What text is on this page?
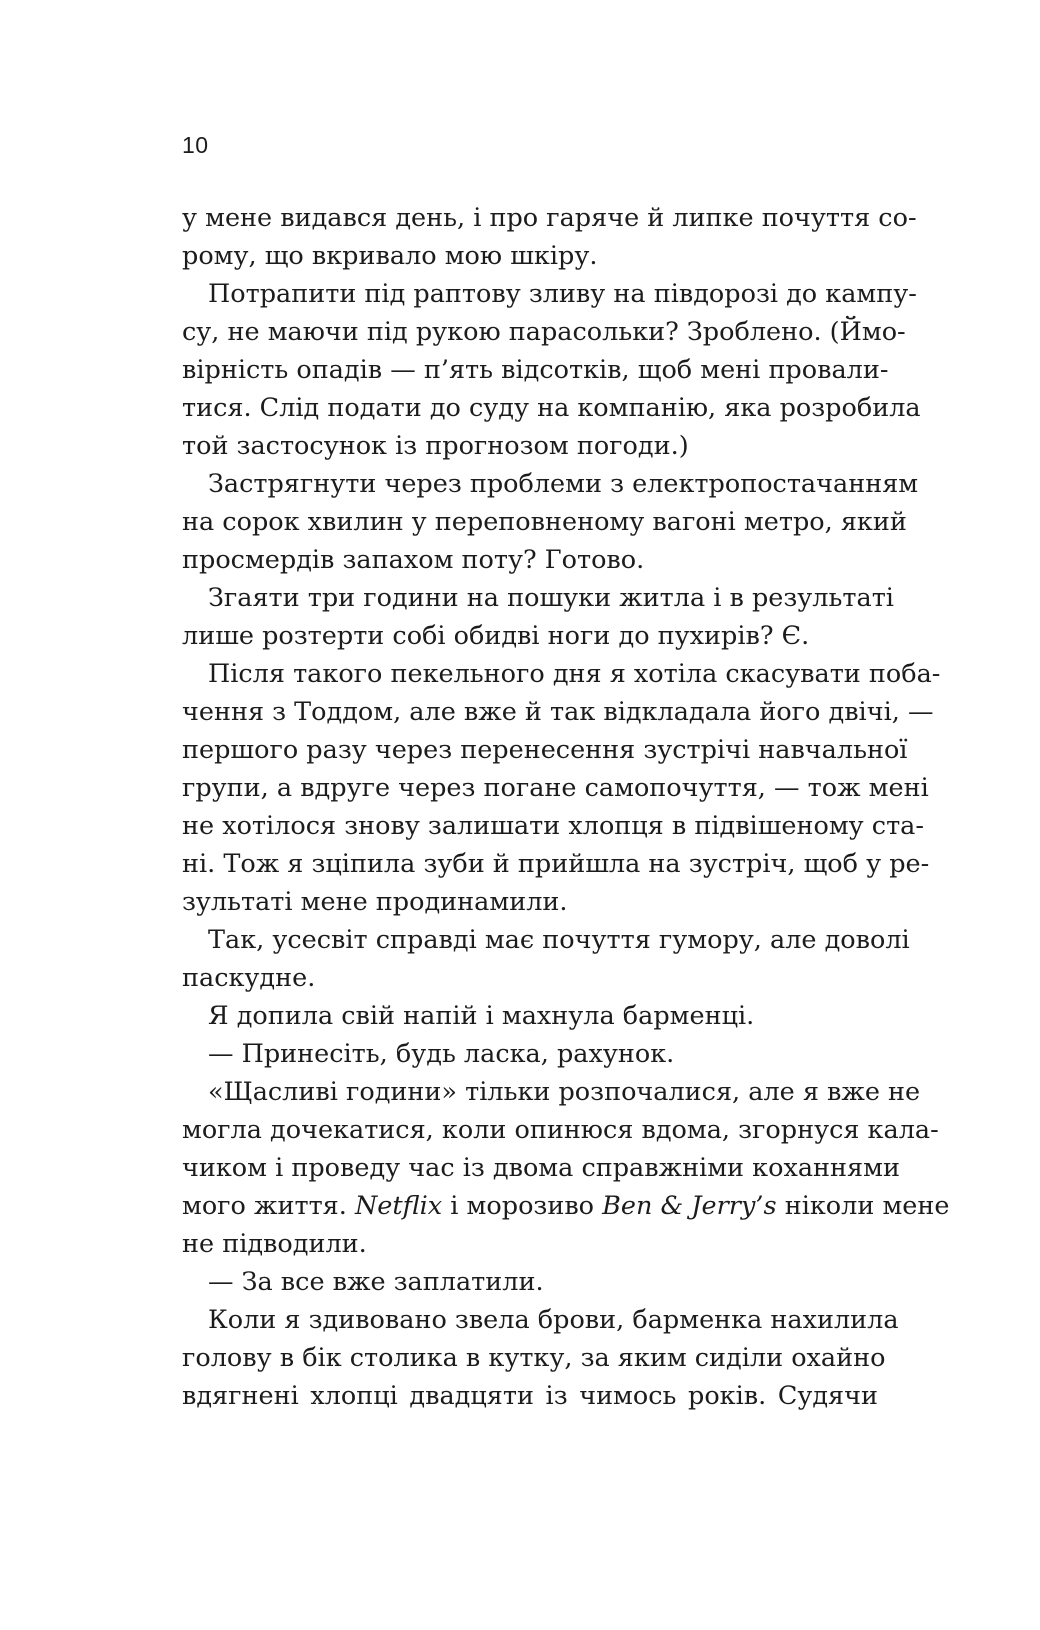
10
у мене видався день, і про гаряче й липке почуття со-
рому, що вкривало мою шкіру.
Потрапити під раптову зливу на півдорозі до кампу-
су, не маючи під рукою парасольки? Зроблено. (Ймо-
вірність опадів — п’ять відсотків, щоб мені провали-
тися. Слід подати до суду на компанію, яка розробила
той застосунок із прогнозом погоди.)
Застрягнути через проблеми з електропостачанням
на сорок хвилин у переповненому вагоні метро, який
просмердів запахом поту? Готово.
Згаяти три години на пошуки житла і в результаті
лише розтерти собі обидві ноги до пухирів? Є.
Після такого пекельного дня я хотіла скасувати поба-
чення з Тоддом, але вже й так відкладала його двічі, —
першого разу через перенесення зустрічі навчальної
групи, а вдруге через погане самопочуття, — тож мені
не хотілося знову залишати хлопця в підвішеному ста-
ні. Тож я зціпила зуби й прийшла на зустріч, щоб у ре-
зультаті мене продинамили.
Так, усесвіт справді має почуття гумору, але доволі
паскудне.
Я допила свій напій і махнула барменці.
— Принесіть, будь ласка, рахунок.
«Щасливі години» тільки розпочалися, але я вже не
могла дочекатися, коли опинюся вдома, згорнуся кала-
чиком і проведу час із двома справжніми коханнями
мого життя. Netflix і морозиво Ben & Jerry’s ніколи мене
не підводили.
— За все вже заплатили.
Коли я здивовано звела брови, барменка нахилила
голову в бік столика в кутку, за яким сиділи охайно
вдягнені хлопці двадцяти із чимось років. Судячи
